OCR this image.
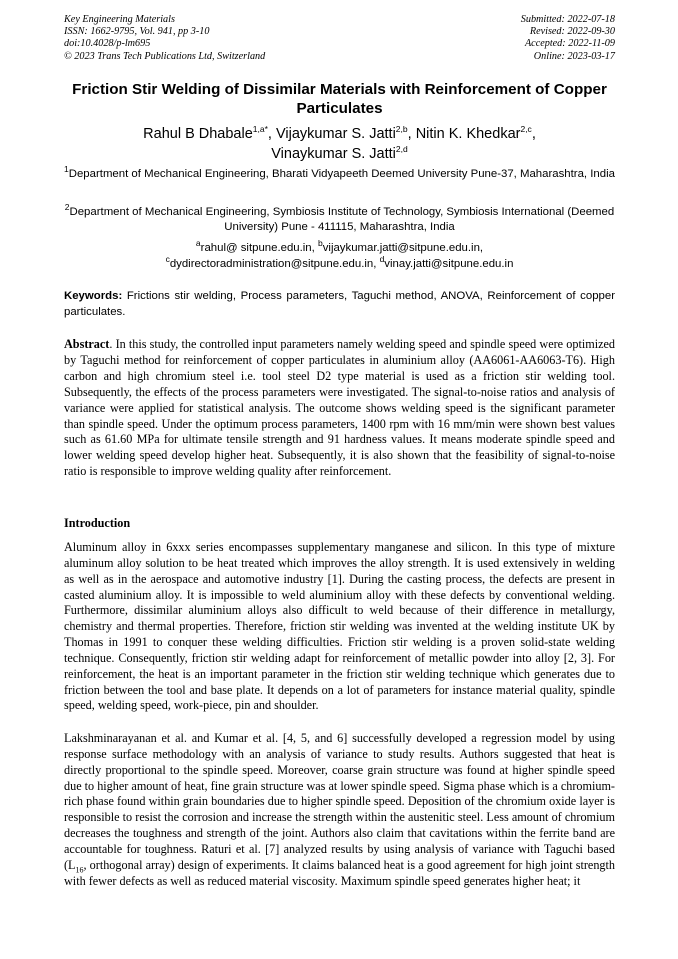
Key Engineering Materials
ISSN: 1662-9795, Vol. 941, pp 3-10
doi:10.4028/p-lm695
© 2023 Trans Tech Publications Ltd, Switzerland
Submitted: 2022-07-18
Revised: 2022-09-30
Accepted: 2022-11-09
Online: 2023-03-17
Friction Stir Welding of Dissimilar Materials with Reinforcement of Copper Particulates
Rahul B Dhabale$^{1,a*}$, Vijaykumar S. Jatti$^{2,b}$, Nitin K. Khedkar$^{2,c}$,
Vinaykumar S. Jatti$^{2,d}$
$^1$Department of Mechanical Engineering, Bharati Vidyapeeth Deemed University Pune-37, Maharashtra, India
$^2$Department of Mechanical Engineering, Symbiosis Institute of Technology, Symbiosis International (Deemed University) Pune - 411115, Maharashtra, India
$^a$rahul@ sitpune.edu.in, $^b$vijaykumar.jatti@sitpune.edu.in,
$^c$dydirectoradministration@sitpune.edu.in, $^d$vinay.jatti@sitpune.edu.in
Keywords: Frictions stir welding, Process parameters, Taguchi method, ANOVA, Reinforcement of copper particulates.
Abstract. In this study, the controlled input parameters namely welding speed and spindle speed were optimized by Taguchi method for reinforcement of copper particulates in aluminium alloy (AA6061-AA6063-T6). High carbon and high chromium steel i.e. tool steel D2 type material is used as a friction stir welding tool. Subsequently, the effects of the process parameters were investigated. The signal-to-noise ratios and analysis of variance were applied for statistical analysis. The outcome shows welding speed is the significant parameter than spindle speed. Under the optimum process parameters, 1400 rpm with 16 mm/min were shown best values such as 61.60 MPa for ultimate tensile strength and 91 hardness values. It means moderate spindle speed and lower welding speed develop higher heat. Subsequently, it is also shown that the feasibility of signal-to-noise ratio is responsible to improve welding quality after reinforcement.
Introduction
Aluminum alloy in 6xxx series encompasses supplementary manganese and silicon. In this type of mixture aluminum alloy solution to be heat treated which improves the alloy strength. It is used extensively in welding as well as in the aerospace and automotive industry [1]. During the casting process, the defects are present in casted aluminium alloy. It is impossible to weld aluminium alloy with these defects by conventional welding. Furthermore, dissimilar aluminium alloys also difficult to weld because of their difference in metallurgy, chemistry and thermal properties. Therefore, friction stir welding was invented at the welding institute UK by Thomas in 1991 to conquer these welding difficulties. Friction stir welding is a proven solid-state welding technique. Consequently, friction stir welding adapt for reinforcement of metallic powder into alloy [2, 3]. For reinforcement, the heat is an important parameter in the friction stir welding technique which generates due to friction between the tool and base plate. It depends on a lot of parameters for instance material quality, spindle speed, welding speed, work-piece, pin and shoulder.
Lakshminarayanan et al. and Kumar et al. [4, 5, and 6] successfully developed a regression model by using response surface methodology with an analysis of variance to study results. Authors suggested that heat is directly proportional to the spindle speed. Moreover, coarse grain structure was found at higher spindle speed due to higher amount of heat, fine grain structure was at lower spindle speed. Sigma phase which is a chromium-rich phase found within grain boundaries due to higher spindle speed. Deposition of the chromium oxide layer is responsible to resist the corrosion and increase the strength within the austenitic steel. Less amount of chromium decreases the toughness and strength of the joint. Authors also claim that cavitations within the ferrite band are accountable for toughness. Raturi et al. [7] analyzed results by using analysis of variance with Taguchi based ($L_{16}$, orthogonal array) design of experiments. It claims balanced heat is a good agreement for high joint strength with fewer defects as well as reduced material viscosity. Maximum spindle speed generates higher heat; it
